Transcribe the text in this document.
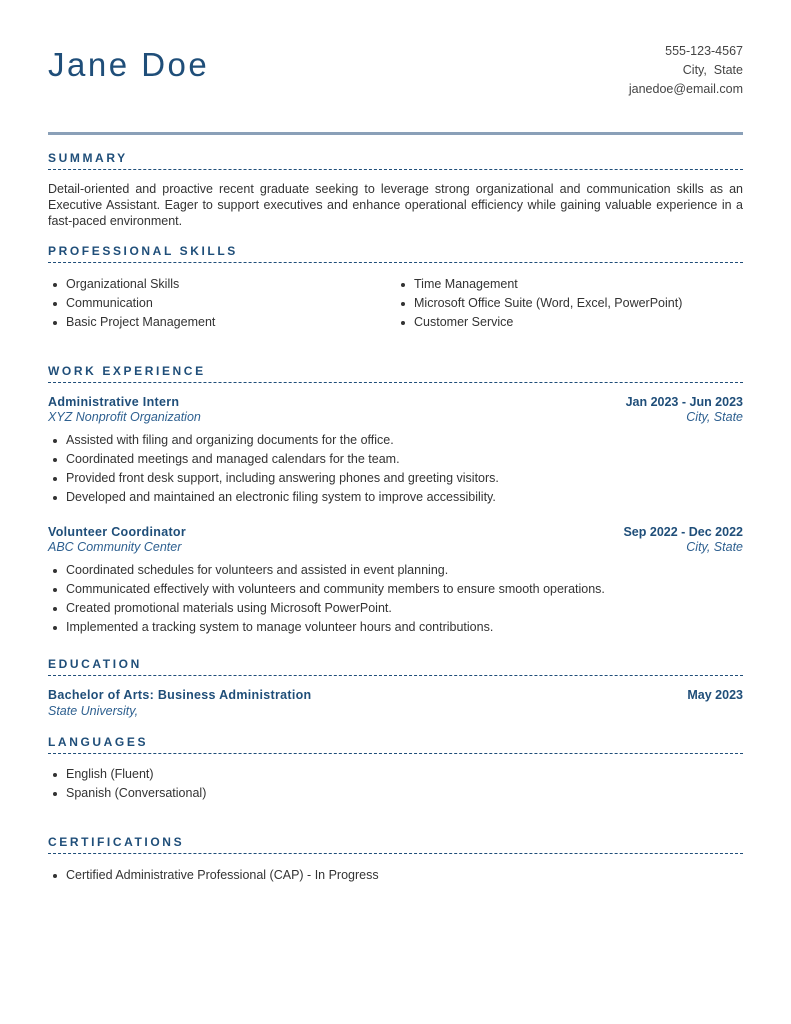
Jane Doe	555-123-4567
City,  State
janedoe@email.com
SUMMARY
Detail-oriented and proactive recent graduate seeking to leverage strong organizational and communication skills as an Executive Assistant. Eager to support executives and enhance operational efficiency while gaining valuable experience in a fast-paced environment.
PROFESSIONAL SKILLS
Organizational Skills
Communication
Basic Project Management
Time Management
Microsoft Office Suite (Word, Excel, PowerPoint)
Customer Service
WORK EXPERIENCE
Administrative Intern	Jan 2023 - Jun 2023
XYZ Nonprofit Organization	City, State
Assisted with filing and organizing documents for the office.
Coordinated meetings and managed calendars for the team.
Provided front desk support, including answering phones and greeting visitors.
Developed and maintained an electronic filing system to improve accessibility.
Volunteer Coordinator	Sep 2022 - Dec 2022
ABC Community Center	City, State
Coordinated schedules for volunteers and assisted in event planning.
Communicated effectively with volunteers and community members to ensure smooth operations.
Created promotional materials using Microsoft PowerPoint.
Implemented a tracking system to manage volunteer hours and contributions.
EDUCATION
Bachelor of Arts: Business Administration	May 2023
State University,
LANGUAGES
English (Fluent)
Spanish (Conversational)
CERTIFICATIONS
Certified Administrative Professional (CAP) - In Progress
